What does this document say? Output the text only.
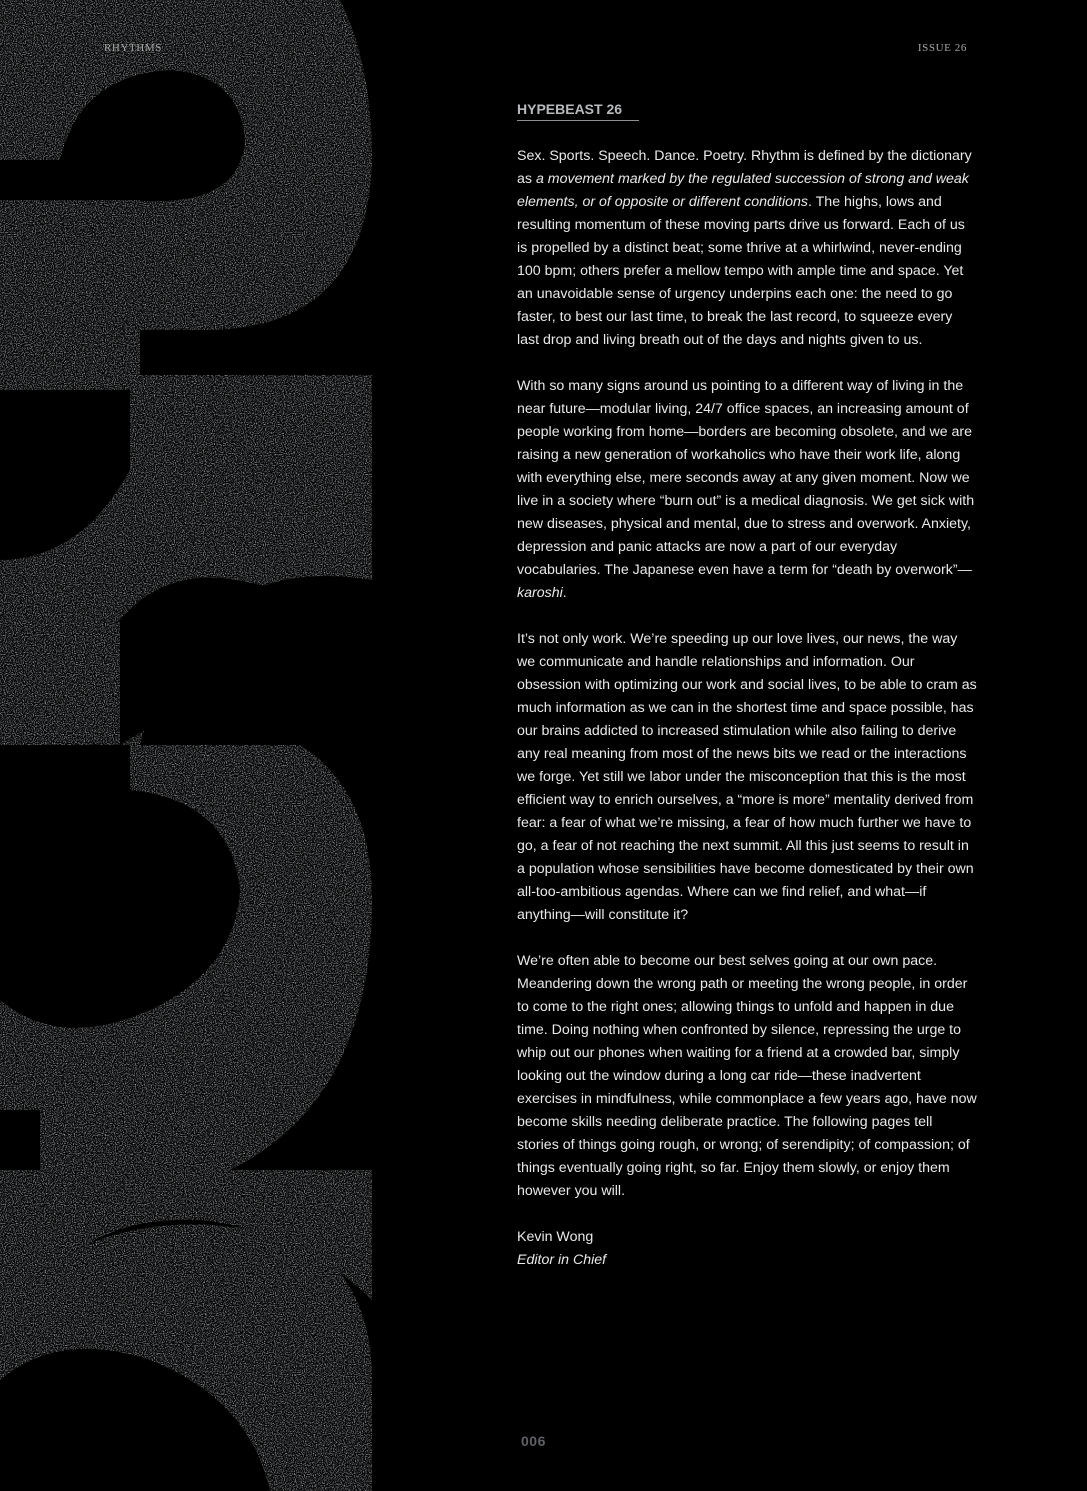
RHYTHMS	ISSUE 26
HYPEBEAST 26

Sex. Sports. Speech. Dance. Poetry. Rhythm is defined by the dictionary as a movement marked by the regulated succession of strong and weak elements, or of opposite or different conditions. The highs, lows and resulting momentum of these moving parts drive us forward. Each of us is propelled by a distinct beat; some thrive at a whirlwind, never-ending 100 bpm; others prefer a mellow tempo with ample time and space. Yet an unavoidable sense of urgency underpins each one: the need to go faster, to best our last time, to break the last record, to squeeze every last drop and living breath out of the days and nights given to us.

With so many signs around us pointing to a different way of living in the near future—modular living, 24/7 office spaces, an increasing amount of people working from home—borders are becoming obsolete, and we are raising a new generation of workaholics who have their work life, along with everything else, mere seconds away at any given moment. Now we live in a society where “burn out” is a medical diagnosis. We get sick with new diseases, physical and mental, due to stress and overwork. Anxiety, depression and panic attacks are now a part of our everyday vocabularies. The Japanese even have a term for “death by overwork”—karoshi.

It’s not only work. We’re speeding up our love lives, our news, the way we communicate and handle relationships and information. Our obsession with optimizing our work and social lives, to be able to cram as much information as we can in the shortest time and space possible, has our brains addicted to increased stimulation while also failing to derive any real meaning from most of the news bits we read or the interactions we forge. Yet still we labor under the misconception that this is the most efficient way to enrich ourselves, a “more is more” mentality derived from fear: a fear of what we’re missing, a fear of how much further we have to go, a fear of not reaching the next summit. All this just seems to result in a population whose sensibilities have become domesticated by their own all-too-ambitious agendas. Where can we find relief, and what—if anything—will constitute it?

We’re often able to become our best selves going at our own pace. Meandering down the wrong path or meeting the wrong people, in order to come to the right ones; allowing things to unfold and happen in due time. Doing nothing when confronted by silence, repressing the urge to whip out our phones when waiting for a friend at a crowded bar, simply looking out the window during a long car ride—these inadvertent exercises in mindfulness, while commonplace a few years ago, have now become skills needing deliberate practice. The following pages tell stories of things going rough, or wrong; of serendipity; of compassion; of things eventually going right, so far. Enjoy them slowly, or enjoy them however you will.

Kevin Wong

Editor in Chief

006
